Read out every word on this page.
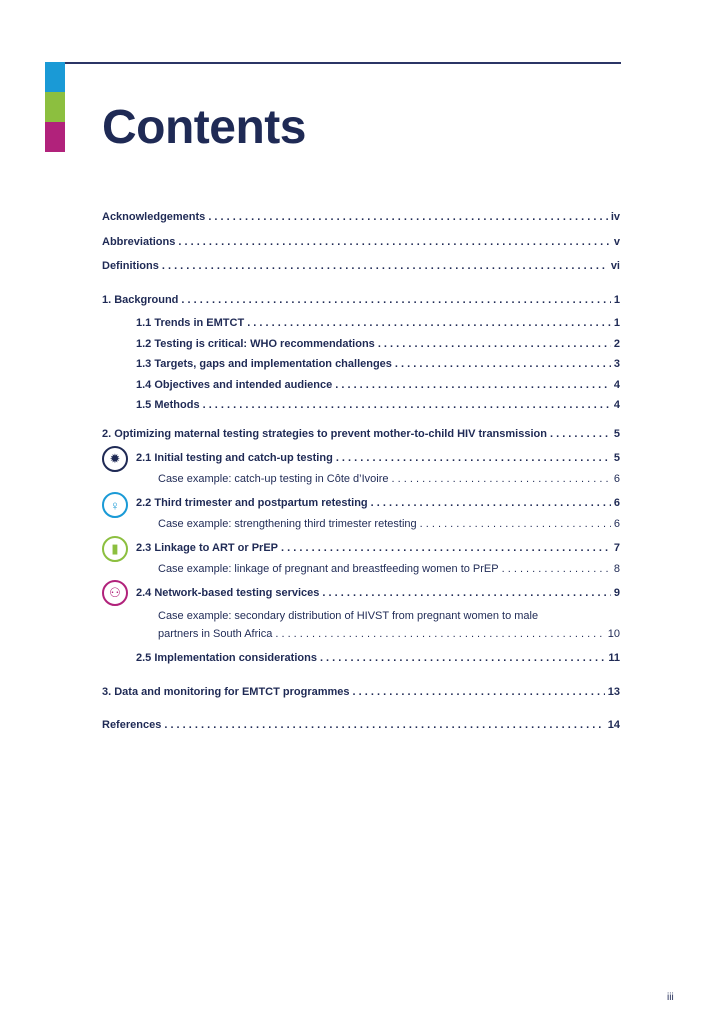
Contents
✹
♀
▮
⚇
Acknowledgements . . .	iv
Abbreviations . . .	v
Definitions . . .	vi
1. Background . . .	1
1.1 Trends in EMTCT . . .	1
1.2 Testing is critical: WHO recommendations . . .	2
1.3 Targets, gaps and implementation challenges . . .	3
1.4 Objectives and intended audience . . .	4
1.5 Methods . . .	4
2. Optimizing maternal testing strategies to prevent mother-to-child HIV transmission . . .	5
2.1 Initial testing and catch-up testing . . .	5
Case example: catch-up testing in Côte d’Ivoire . . .	6
2.2 Third trimester and postpartum retesting . . .	6
Case example: strengthening third trimester retesting . . .	6
2.3 Linkage to ART or PrEP . . .	7
Case example: linkage of pregnant and breastfeeding women to PrEP . . .	8
2.4 Network-based testing services . . .	9
Case example: secondary distribution of HIVST from pregnant women to male
partners in South Africa . . .	10
2.5 Implementation considerations . . .	11
3. Data and monitoring for EMTCT programmes . . .	13
References . . .	14
iii
